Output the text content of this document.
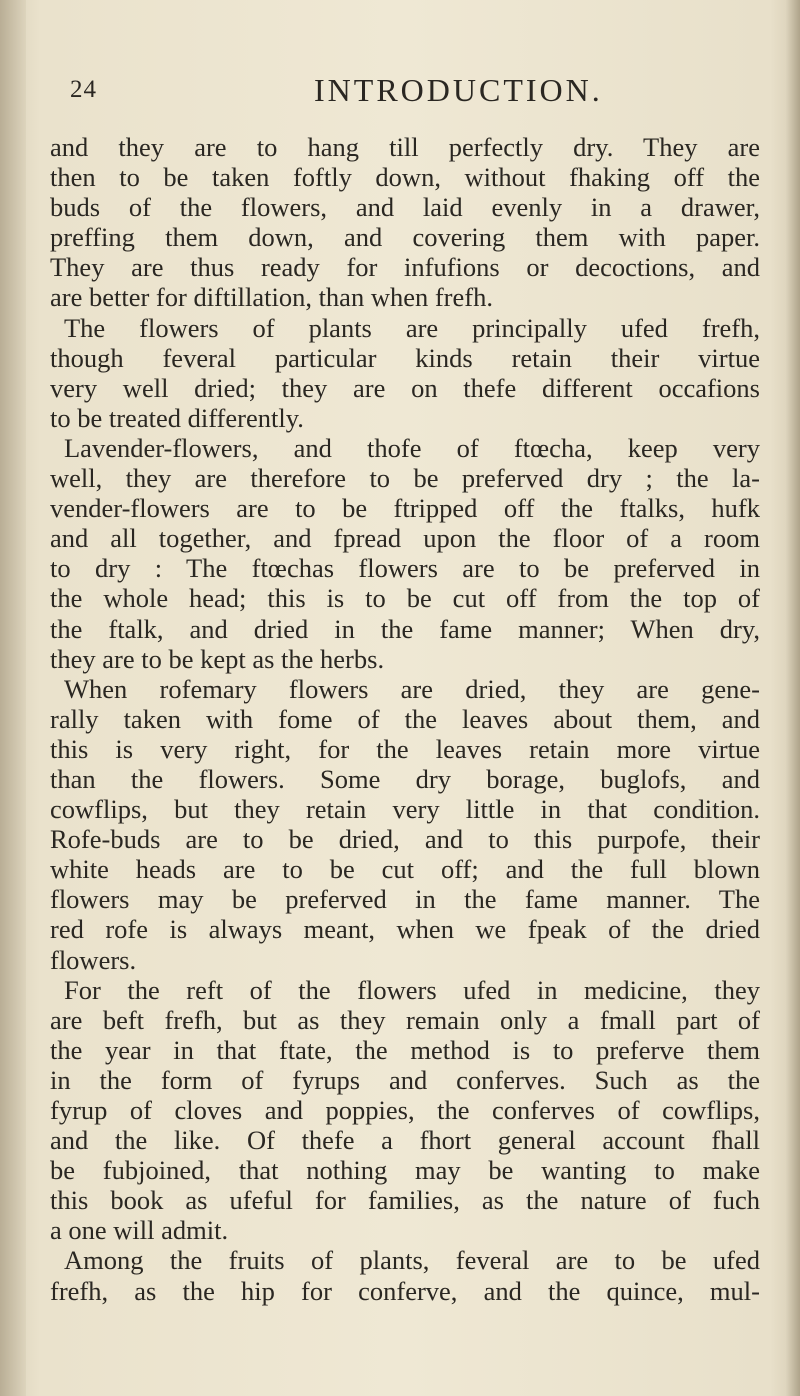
24	INTRODUCTION.
and they are to hang till perfectly dry. They are
then to be taken foftly down, without fhaking off the
buds of the flowers, and laid evenly in a drawer,
preffing them down, and covering them with paper.
They are thus ready for infufions or decoctions, and
are better for diftillation, than when frefh.
The flowers of plants are principally ufed frefh,
though feveral particular kinds retain their virtue
very well dried; they are on thefe different occafions
to be treated differently.
Lavender-flowers, and thofe of ftœcha, keep very
well, they are therefore to be preferved dry ; the la-
vender-flowers are to be ftripped off the ftalks, hufk
and all together, and fpread upon the floor of a room
to dry : The ftœchas flowers are to be preferved in
the whole head; this is to be cut off from the top of
the ftalk, and dried in the fame manner; When dry,
they are to be kept as the herbs.
When rofemary flowers are dried, they are gene-
rally taken with fome of the leaves about them, and
this is very right, for the leaves retain more virtue
than the flowers. Some dry borage, buglofs, and
cowflips, but they retain very little in that condition.
Rofe-buds are to be dried, and to this purpofe, their
white heads are to be cut off; and the full blown
flowers may be preferved in the fame manner. The
red rofe is always meant, when we fpeak of the dried
flowers.
For the reft of the flowers ufed in medicine, they
are beft frefh, but as they remain only a fmall part of
the year in that ftate, the method is to preferve them
in the form of fyrups and conferves. Such as the
fyrup of cloves and poppies, the conferves of cowflips,
and the like. Of thefe a fhort general account fhall
be fubjoined, that nothing may be wanting to make
this book as ufeful for families, as the nature of fuch
a one will admit.
Among the fruits of plants, feveral are to be ufed
frefh, as the hip for conferve, and the quince, mul-
